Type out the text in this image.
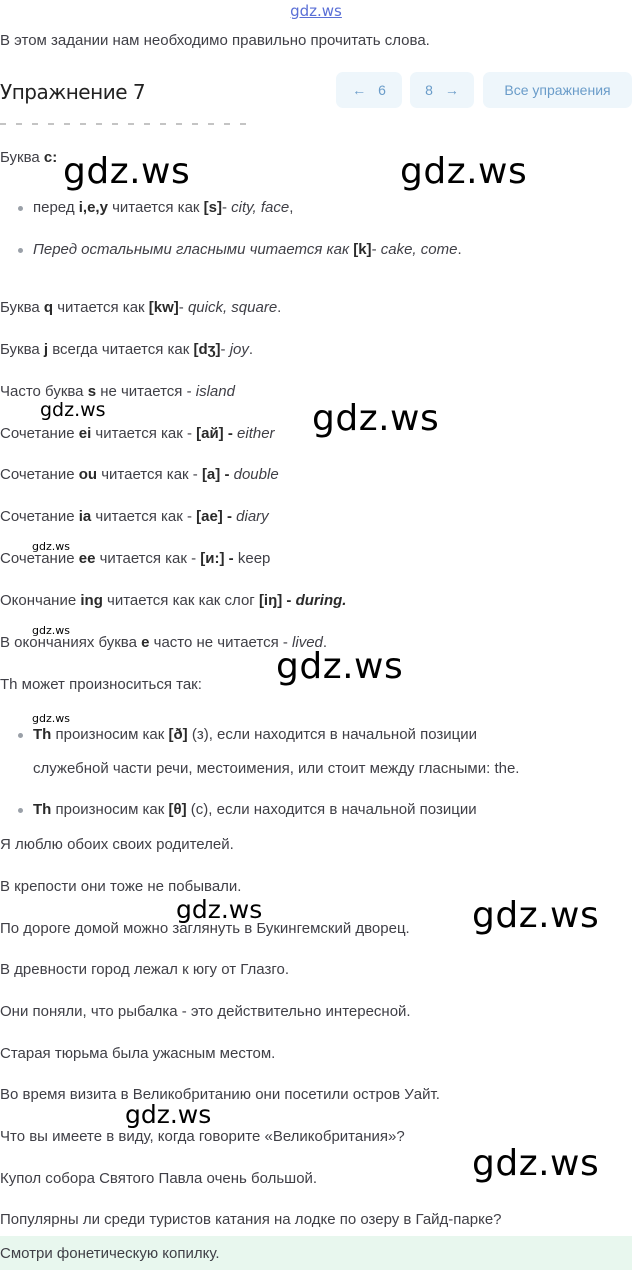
gdz.ws
В этом задании нам необходимо правильно прочитать слова.
Упражнение 7	← 6	8 →	Все упражнения
Буква c:
перед i,e,y читается как [s]- city, face,
Перед остальными гласными читается как [k]- cake, come.
Буква q читается как [kw]- quick, square.
Буква j всегда читается как [dʒ]- joy.
Часто буква s не читается - island
Сочетание ei читается как - [ай] - either
Сочетание ou читается как - [а] - double
Сочетание ia читается как - [ае] - diary
Сочетание ee читается как - [и:] - keep
Окончание ing читается как как слог [iŋ] - during.
В окончаниях буква e часто не читается - lived.
Th может произноситься так:
Th произносим как [ð] (з), если находится в начальной позиции
служебной части речи, местоимения, или стоит между гласными: the.
Th произносим как [θ] (с), если находится в начальной позиции
Я люблю обоих своих родителей.
В крепости они тоже не побывали.
По дороге домой можно заглянуть в Букингемский дворец.
В древности город лежал к югу от Глазго.
Они поняли, что рыбалка - это действительно интересной.
Старая тюрьма была ужасным местом.
Во время визита в Великобританию они посетили остров Уайт.
Что вы имеете в виду, когда говорите «Великобритания»?
Купол собора Святого Павла очень большой.
Популярны ли среди туристов катания на лодке по озеру в Гайд-парке?
Смотри фонетическую копилку.
gdz.ws	gdz.ws
gdz.ws	gdz.ws
gdz.ws
gdz.ws
gdz.ws
gdz.ws
gdz.ws	gdz.ws
gdz.ws
gdz.ws
